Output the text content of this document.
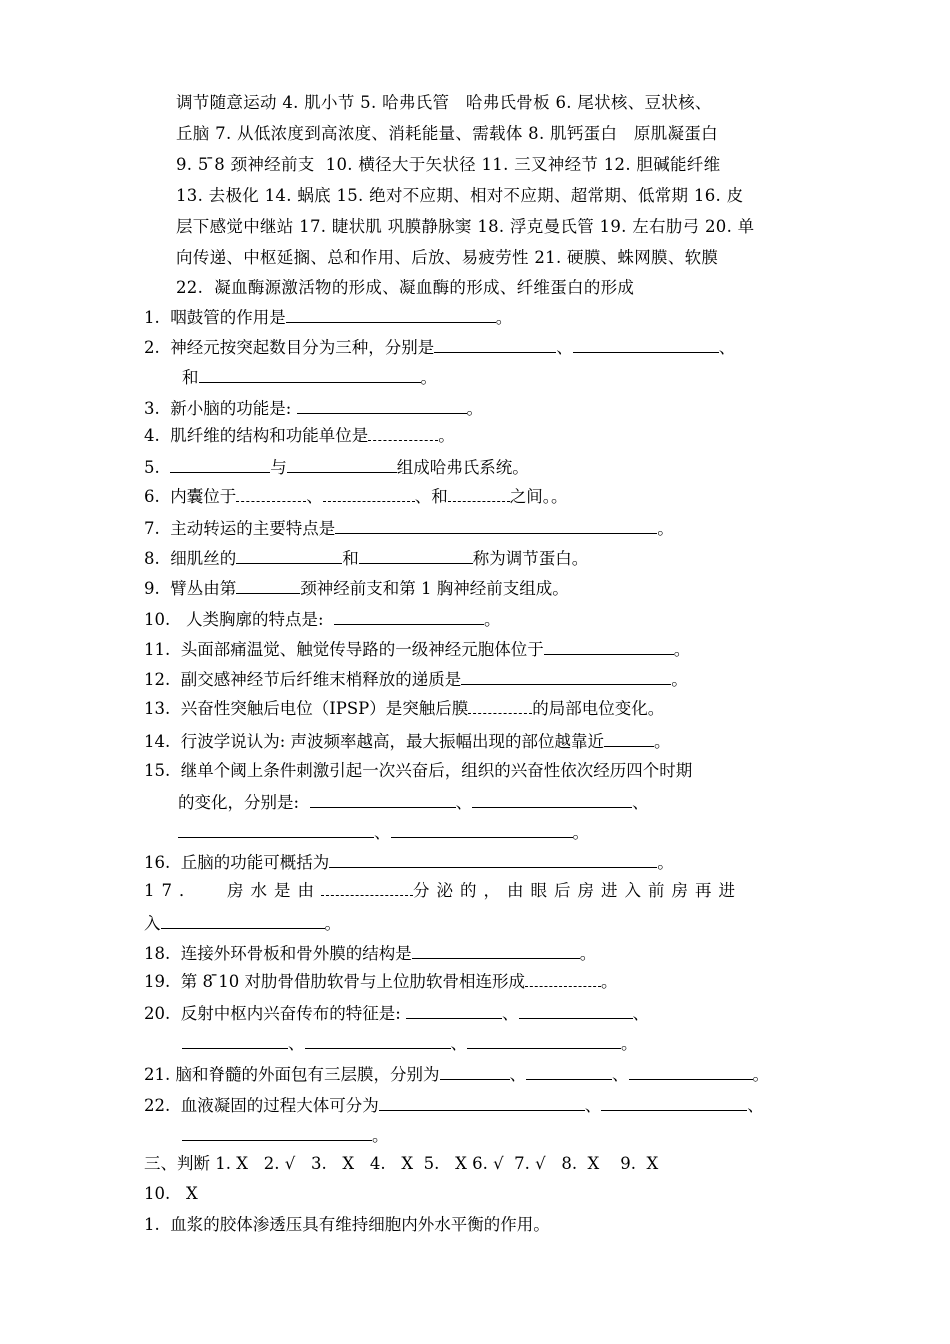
调节随意运动 4. 肌小节 5. 哈弗氏管   哈弗氏骨板 6. 尾状核、豆状核、
丘脑 7. 从低浓度到高浓度、消耗能量、需载体 8. 肌钙蛋白   原肌凝蛋白
9. 5 ̄8 颈神经前支  10. 横径大于矢状径 11. 三叉神经节 12. 胆碱能纤维
13. 去极化 14. 蜗底 15. 绝对不应期、相对不应期、超常期、低常期 16. 皮
层下感觉中继站 17. 睫状肌 巩膜静脉窦 18. 浮克曼氏管 19. 左右肋弓 20. 单
向传递、中枢延搁、总和作用、后放、易疲劳性 21. 硬膜、蛛网膜、软膜
22.  凝血酶源激活物的形成、凝血酶的形成、纤维蛋白的形成
1.  咽鼓管的作用是	。
2.  神经元按突起数目分为三种，分别是	、	、
和	。
3.  新小脑的功能是:	。
4.  肌纤维的结构和功能单位是	。
5.	与	组成哈弗氏系统。
6.  内囊位于	、	、和	之间。。
7.  主动转运的主要特点是	。
8.  细肌丝的	和	称为调节蛋白。
9.  臂丛由第	颈神经前支和第 1 胸神经前支组成。
10.   人类胸廓的特点是:	。
11.  头面部痛温觉、触觉传导路的一级神经元胞体位于	。
12.  副交感神经节后纤维末梢释放的递质是	。
13.  兴奋性突触后电位（IPSP）是突触后膜	的局部电位变化。
14.  行波学说认为: 声波频率越高，最大振幅出现的部位越靠近	。
15.  继单个阈上条件刺激引起一次兴奋后，组织的兴奋性依次经历四个时期
的变化，分别是:	、	、
、	。
16.  丘脑的功能可概括为	。
17．  房水是由	分泌的，由眼后房进入前房再进
入	。
18.  连接外环骨板和骨外膜的结构是	。
19.  第 8 ̄10 对肋骨借肋软骨与上位肋软骨相连形成	。
20.  反射中枢内兴奋传布的特征是:	、	、
、	、	。
21. 脑和脊髓的外面包有三层膜，分别为	、	、	。
22.  血液凝固的过程大体可分为	、	、
。
三、判断 1. X   2. √   3.   X   4.   X  5.   X 6. √  7. √   8.  X    9.  X
10.   X
1.  血浆的胶体渗透压具有维持细胞内外水平衡的作用。
